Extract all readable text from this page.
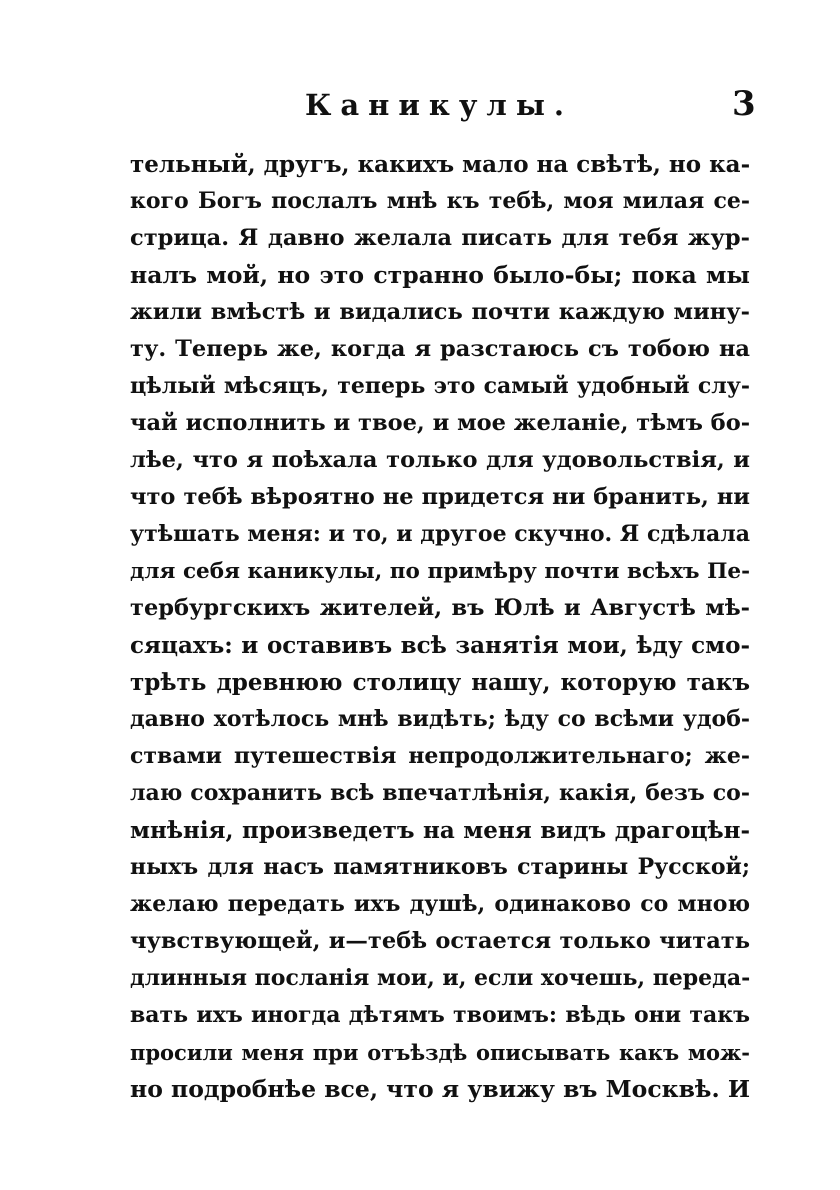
Каникулы.	3
тельный, другъ, какихъ мало на свѣтѣ, но ка-
кого Богъ послалъ мнѣ къ тебѣ, моя милая се-
стрица. Я давно желала писать для тебя жур-
налъ мой, но это странно было-бы; пока мы
жили вмѣстѣ и видались почти каждую мину-
ту. Теперь же, когда я разстаюсь съ тобою на
цѣлый мѣсяцъ, теперь это самый удобный слу-
чай исполнить и твое, и мое желаніе, тѣмъ бо-
лѣе, что я поѣхала только для удовольствія, и
что тебѣ вѣроятно не придется ни бранить, ни
утѣшать меня: и то, и другое скучно. Я сдѣлала
для себя каникулы, по примѣру почти всѣхъ Пе-
тербургскихъ жителей, въ Юлѣ и Августѣ мѣ-
сяцахъ: и оставивъ всѣ занятія мои, ѣду смо-
трѣть древнюю столицу нашу, которую такъ
давно хотѣлось мнѣ видѣть; ѣду со всѣми удоб-
ствами путешествія непродолжительнаго; же-
лаю сохранить всѣ впечатлѣнія, какія, безъ со-
мнѣнія, произведетъ на меня видъ драгоцѣн-
ныхъ для насъ памятниковъ старины Русской;
желаю передать ихъ душѣ, одинаково со мною
чувствующей, и—тебѣ остается только читать
длинныя посланія мои, и, если хочешь, переда-
вать ихъ иногда дѣтямъ твоимъ: вѣдь они такъ
просили меня при отъѣздѣ описывать какъ мож-
но подробнѣе все, что я увижу въ Москвѣ. И
